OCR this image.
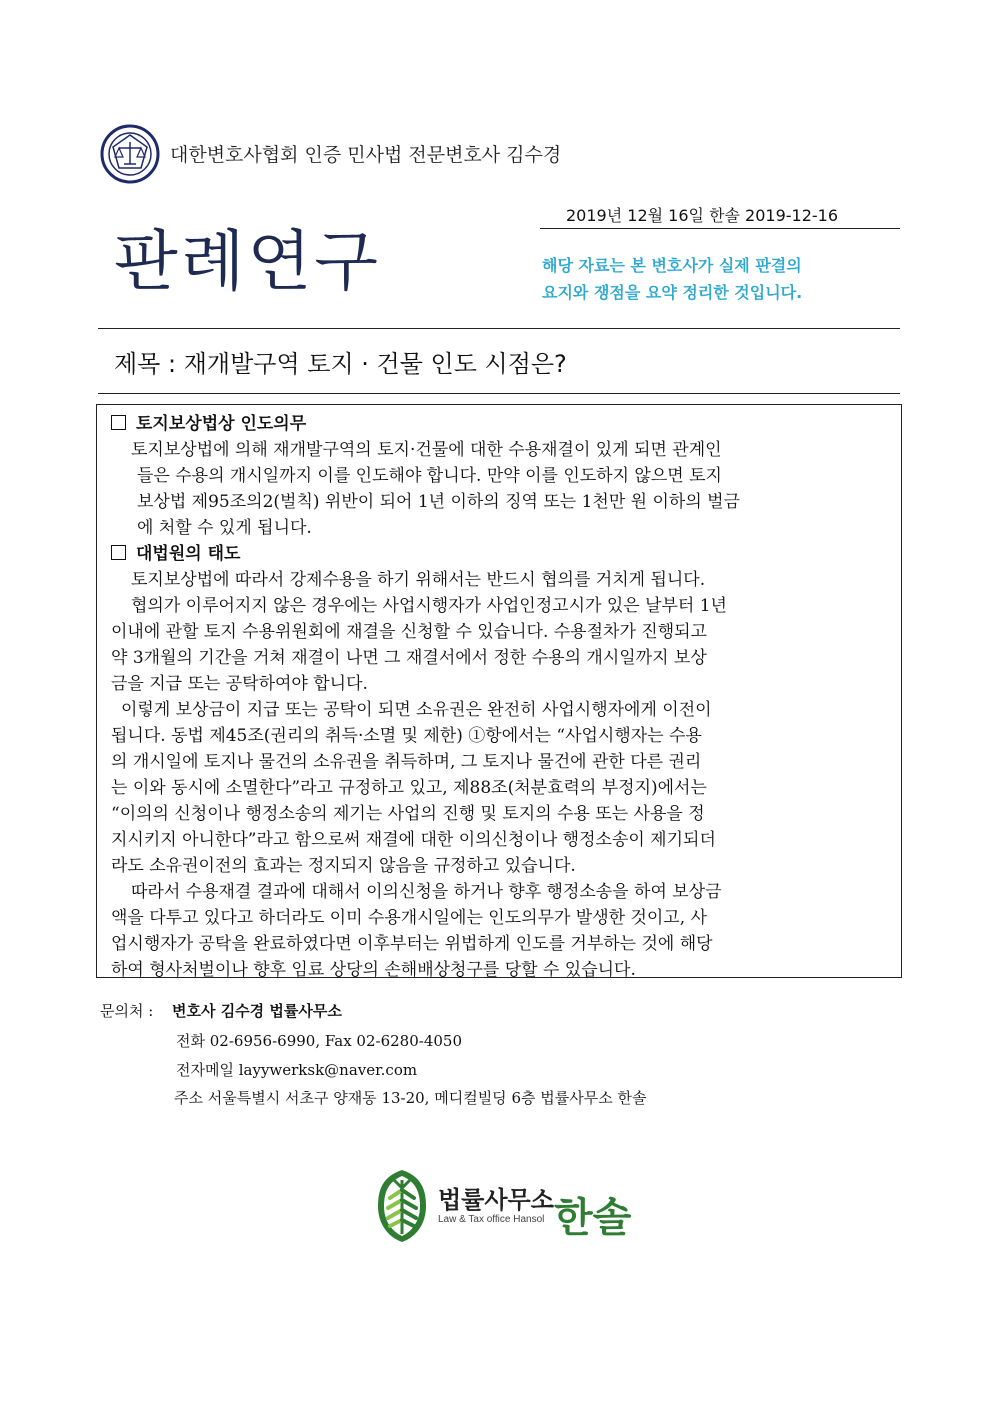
대한변호사협회 인증 민사법 전문변호사 김수경
2019년 12월 16일 한솔 2019-12-16
판례연구	해당 자료는 본 변호사가 실제 판결의
요지와 쟁점을 요약 정리한 것입니다.
제목 : 재개발구역 토지 · 건물 인도 시점은?
토지보상법상 인도의무
토지보상법에 의해 재개발구역의 토지·건물에 대한 수용재결이 있게 되면 관계인
들은 수용의 개시일까지 이를 인도해야 합니다. 만약 이를 인도하지 않으면 토지
보상법 제95조의2(벌칙) 위반이 되어 1년 이하의 징역 또는 1천만 원 이하의 벌금
에 처할 수 있게 됩니다.
대법원의 태도
토지보상법에 따라서 강제수용을 하기 위해서는 반드시 협의를 거치게 됩니다.
협의가 이루어지지 않은 경우에는 사업시행자가 사업인정고시가 있은 날부터 1년
이내에 관할 토지 수용위원회에 재결을 신청할 수 있습니다. 수용절차가 진행되고
약 3개월의 기간을 거쳐 재결이 나면 그 재결서에서 정한 수용의 개시일까지 보상
금을 지급 또는 공탁하여야 합니다.
이렇게 보상금이 지급 또는 공탁이 되면 소유권은 완전히 사업시행자에게 이전이
됩니다. 동법 제45조(권리의 취득·소멸 및 제한) ①항에서는 “사업시행자는 수용
의 개시일에 토지나 물건의 소유권을 취득하며, 그 토지나 물건에 관한 다른 권리
는 이와 동시에 소멸한다”라고 규정하고 있고, 제88조(처분효력의 부정지)에서는
“이의의 신청이나 행정소송의 제기는 사업의 진행 및 토지의 수용 또는 사용을 정
지시키지 아니한다”라고 함으로써 재결에 대한 이의신청이나 행정소송이 제기되더
라도 소유권이전의 효과는 정지되지 않음을 규정하고 있습니다.
따라서 수용재결 결과에 대해서 이의신청을 하거나 향후 행정소송을 하여 보상금
액을 다투고 있다고 하더라도 이미 수용개시일에는 인도의무가 발생한 것이고, 사
업시행자가 공탁을 완료하였다면 이후부터는 위법하게 인도를 거부하는 것에 해당
하여 형사처벌이나 향후 임료 상당의 손해배상청구를 당할 수 있습니다.
문의처 : 변호사 김수경 법률사무소
전화 02-6956-6990, Fax 02-6280-4050
전자메일 layywerksk@naver.com
주소 서울특별시 서초구 양재동 13-20, 메디컬빌딩 6층 법률사무소 한솔
법률사무소
Law & Tax office Hansol 한솔
